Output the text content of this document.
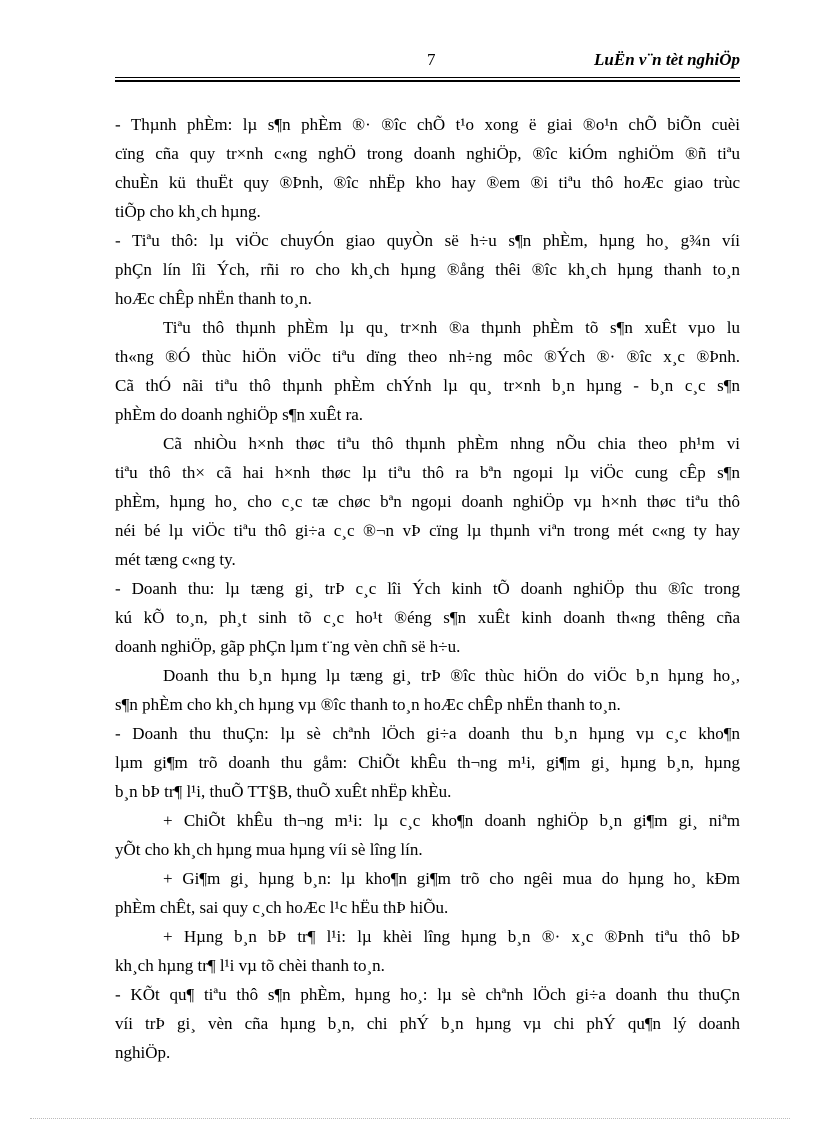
7	LuËn v¨n tèt nghiÖp
- Thµnh phÈm: lµ s¶n phÈm ®· ®îc chÕ t¹o xong ë giai ®o¹n chÕ biÕn cuèi
cïng cña quy tr×nh c«ng nghÖ trong doanh nghiÖp, ®îc kiÓm nghiÖm ®ñ tiªu
chuÈn kü thuËt quy ®Þnh, ®îc nhËp kho hay ®em ®i tiªu thô hoÆc giao trùc
tiÕp cho kh¸ch hµng.
- Tiªu thô: lµ viÖc chuyÓn giao quyÒn së h÷u s¶n phÈm, hµng ho¸ g¾n víi
phÇn lín lîi Ých, rñi ro cho kh¸ch hµng ®ång thêi ®îc kh¸ch hµng thanh to¸n
hoÆc chÊp nhËn thanh to¸n.
Tiªu thô thµnh phÈm lµ qu¸ tr×nh ®a thµnh phÈm tõ s¶n xuÊt vµo lu
th«ng ®Ó thùc hiÖn viÖc tiªu dïng theo nh÷ng môc ®Ých ®· ®îc x¸c ®Þnh.
Cã thÓ nãi tiªu thô thµnh phÈm chÝnh lµ qu¸ tr×nh b¸n hµng - b¸n c¸c s¶n
phÈm do doanh nghiÖp s¶n xuÊt ra.
Cã nhiÒu h×nh thøc tiªu thô thµnh phÈm nhng nÕu chia theo ph¹m vi
tiªu thô th× cã hai h×nh thøc lµ tiªu thô ra bªn ngoµi lµ viÖc cung cÊp s¶n
phÈm, hµng ho¸ cho c¸c tæ chøc bªn ngoµi doanh nghiÖp vµ h×nh thøc tiªu thô
néi bé lµ viÖc tiªu thô gi÷a c¸c ®¬n vÞ cïng lµ thµnh viªn trong mét c«ng ty hay
mét tæng c«ng ty.
- Doanh thu: lµ tæng gi¸ trÞ c¸c lîi Ých kinh tÕ doanh nghiÖp thu ®îc trong
kú kÕ to¸n, ph¸t sinh tõ c¸c ho¹t ®éng s¶n xuÊt kinh doanh th«ng thêng cña
doanh nghiÖp, gãp phÇn lµm t¨ng vèn chñ së h÷u.
Doanh thu b¸n hµng lµ tæng gi¸ trÞ ®îc thùc hiÖn do viÖc b¸n hµng ho¸,
s¶n phÈm cho kh¸ch hµng vµ ®îc thanh to¸n hoÆc chÊp nhËn thanh to¸n.
- Doanh thu thuÇn: lµ sè chªnh lÖch gi÷a doanh thu b¸n hµng vµ c¸c kho¶n
lµm gi¶m trõ doanh thu gåm: ChiÕt khÊu th¬ng m¹i, gi¶m gi¸ hµng b¸n, hµng
b¸n bÞ tr¶ l¹i, thuÕ TT§B, thuÕ xuÊt nhËp khÈu.
+ ChiÕt khÊu th¬ng m¹i: lµ c¸c kho¶n doanh nghiÖp b¸n gi¶m gi¸ niªm
yÕt cho kh¸ch hµng mua hµng víi sè lîng lín.
+ Gi¶m gi¸ hµng b¸n: lµ kho¶n gi¶m trõ cho ngêi mua do hµng ho¸ kÐm
phÈm chÊt, sai quy c¸ch hoÆc l¹c hËu thÞ hiÕu.
+ Hµng b¸n bÞ tr¶ l¹i: lµ khèi lîng hµng b¸n ®· x¸c ®Þnh tiªu thô bÞ
kh¸ch hµng tr¶ l¹i vµ tõ chèi thanh to¸n.
- KÕt qu¶ tiªu thô s¶n phÈm, hµng ho¸: lµ sè chªnh lÖch gi÷a doanh thu thuÇn
víi trÞ gi¸ vèn cña hµng b¸n, chi phÝ b¸n hµng vµ chi phÝ qu¶n lý doanh
nghiÖp.
